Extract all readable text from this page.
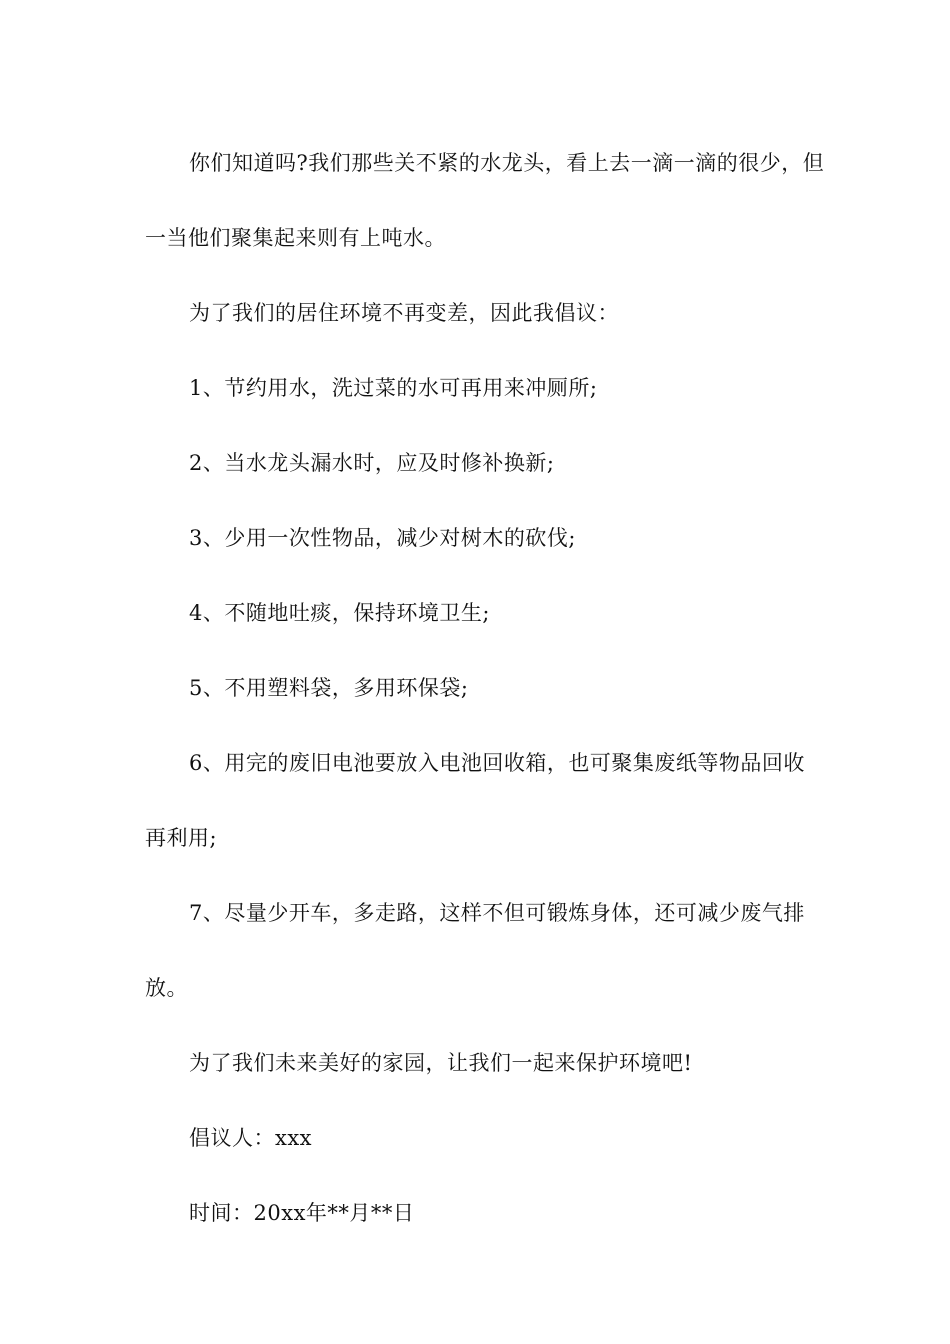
你们知道吗?我们那些关不紧的水龙头，看上去一滴一滴的很少，但一当他们聚集起来则有上吨水。

为了我们的居住环境不再变差，因此我倡议：

1、节约用水，洗过菜的水可再用来冲厕所;

2、当水龙头漏水时，应及时修补换新;

3、少用一次性物品，减少对树木的砍伐;

4、不随地吐痰，保持环境卫生;

5、不用塑料袋，多用环保袋;

6、用完的废旧电池要放入电池回收箱，也可聚集废纸等物品回收再利用;

7、尽量少开车，多走路，这样不但可锻炼身体，还可减少废气排放。

为了我们未来美好的家园，让我们一起来保护环境吧!

倡议人：xxx

时间：20xx年**月**日
